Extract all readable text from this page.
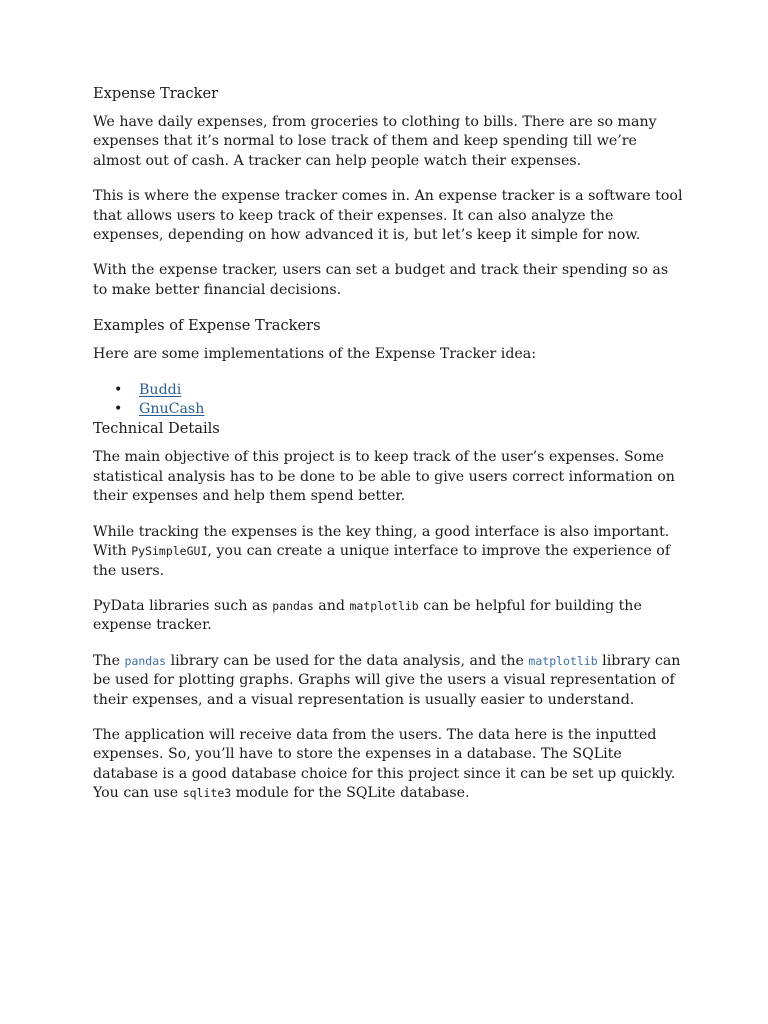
Expense Tracker

We have daily expenses, from groceries to clothing to bills. There are so many expenses that it’s normal to lose track of them and keep spending till we’re almost out of cash. A tracker can help people watch their expenses.

This is where the expense tracker comes in. An expense tracker is a software tool that allows users to keep track of their expenses. It can also analyze the expenses, depending on how advanced it is, but let’s keep it simple for now.

With the expense tracker, users can set a budget and track their spending so as to make better financial decisions.

Examples of Expense Trackers

Here are some implementations of the Expense Tracker idea:

• Buddi
• GnuCash
Technical Details

The main objective of this project is to keep track of the user’s expenses. Some statistical analysis has to be done to be able to give users correct information on their expenses and help them spend better.

While tracking the expenses is the key thing, a good interface is also important. With PySimpleGUI, you can create a unique interface to improve the experience of the users.

PyData libraries such as pandas and matplotlib can be helpful for building the expense tracker.

The pandas library can be used for the data analysis, and the matplotlib library can be used for plotting graphs. Graphs will give the users a visual representation of their expenses, and a visual representation is usually easier to understand.

The application will receive data from the users. The data here is the inputted expenses. So, you’ll have to store the expenses in a database. The SQLite database is a good database choice for this project since it can be set up quickly. You can use sqlite3 module for the SQLite database.
